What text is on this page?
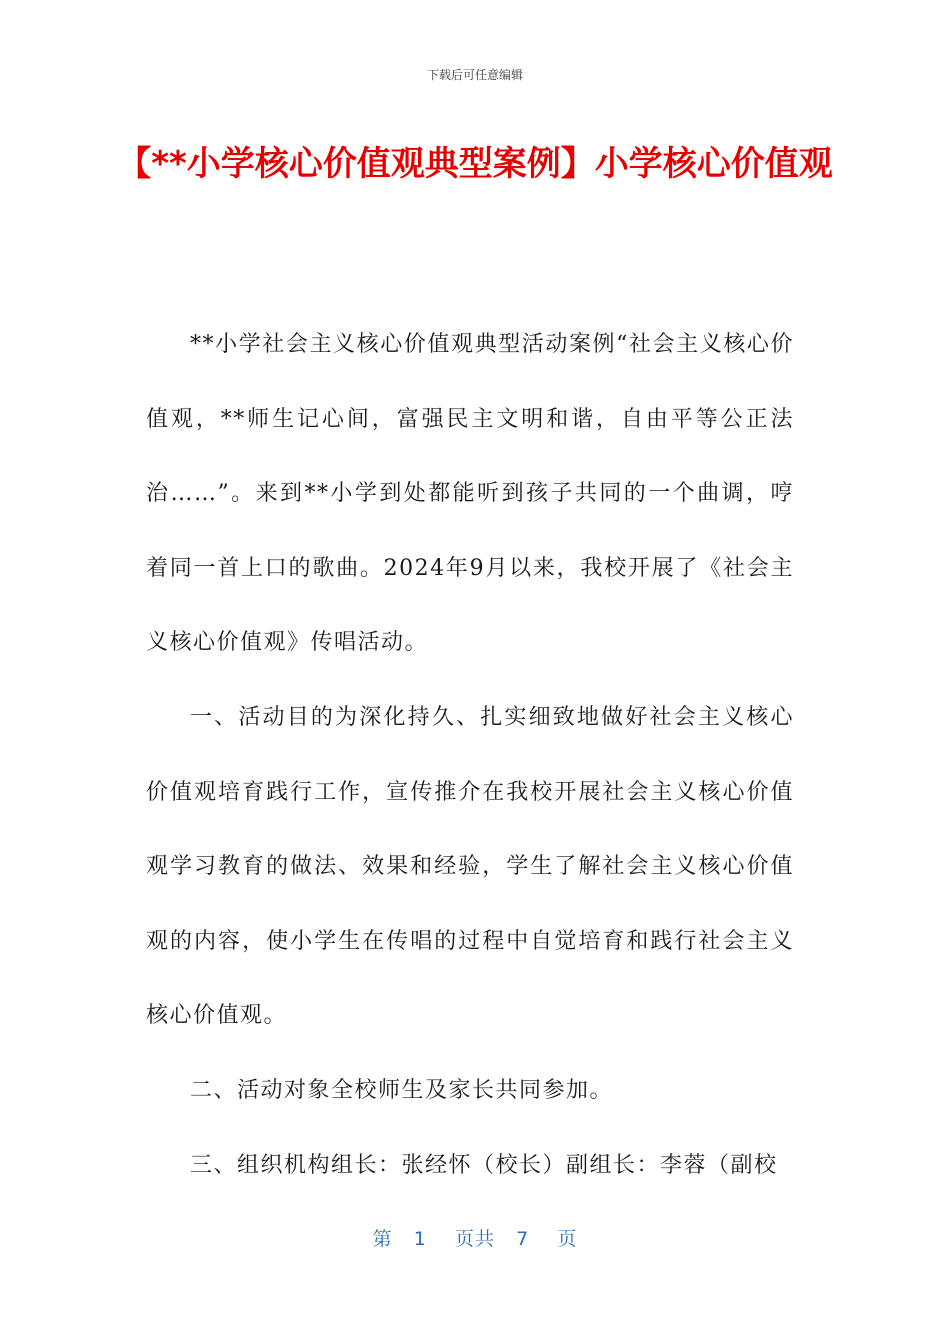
下载后可任意编辑
【**小学核心价值观典型案例】小学核心价值观

**小学社会主义核心价值观典型活动案例“社会主义核心价值观，**师生记心间，富强民主文明和谐，自由平等公正法治……”。来到**小学到处都能听到孩子共同的一个曲调，哼着同一首上口的歌曲。2024年9月以来，我校开展了《社会主义核心价值观》传唱活动。

一、活动目的为深化持久、扎实细致地做好社会主义核心价值观培育践行工作，宣传推介在我校开展社会主义核心价值观学习教育的做法、效果和经验，学生了解社会主义核心价值观的内容，使小学生在传唱的过程中自觉培育和践行社会主义核心价值观。

二、活动对象全校师生及家长共同参加。

三、组织机构组长：张经怀（校长）副组长：李蓉（副校

第 1 页共 7 页
